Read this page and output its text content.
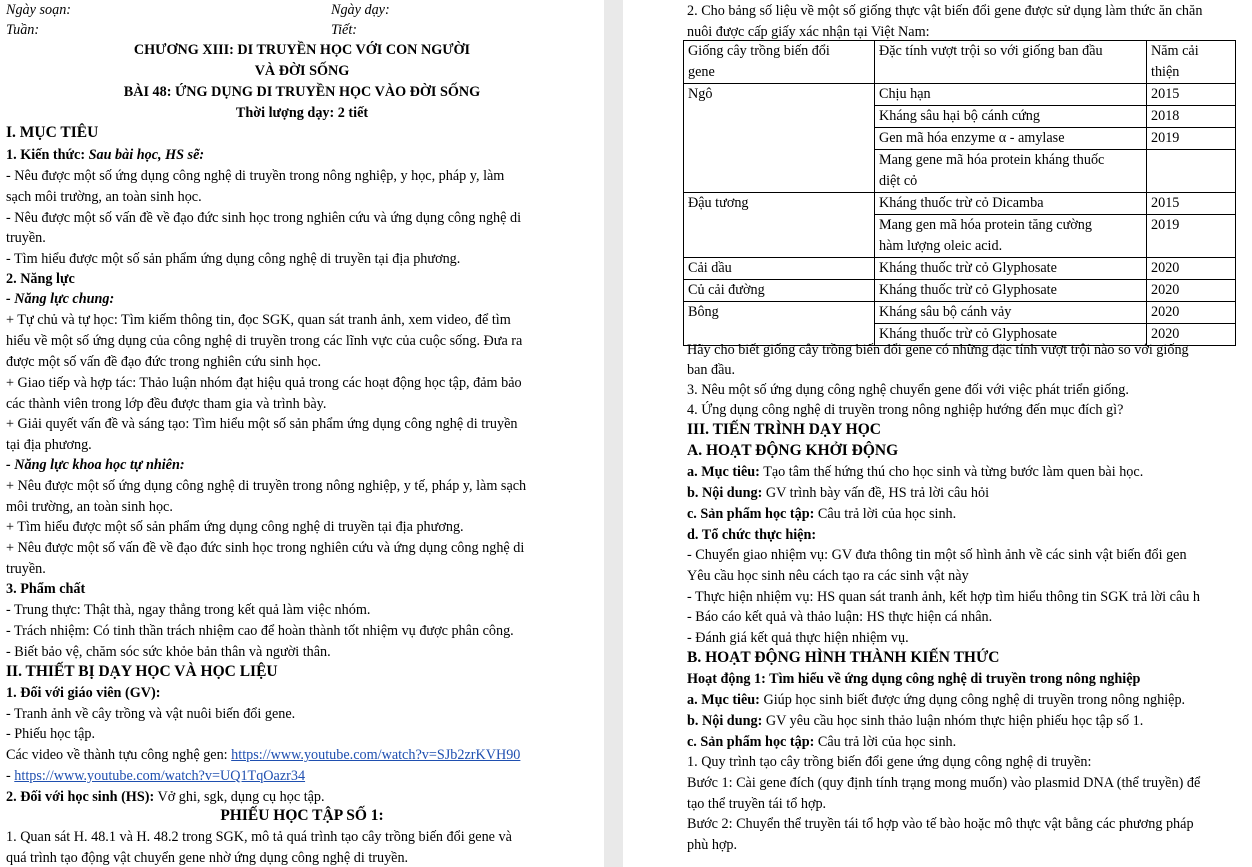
Ngày soạn:	Ngày dạy:
Tuần:	Tiết:
CHƯƠNG XIII: DI TRUYỀN HỌC VỚI CON NGƯỜI
VÀ ĐỜI SỐNG
BÀI 48: ỨNG DỤNG DI TRUYỀN HỌC VÀO ĐỜI SỐNG
Thời lượng dạy: 2 tiết
I. MỤC TIÊU
1. Kiến thức: Sau bài học, HS sẽ:
- Nêu được một số ứng dụng công nghệ di truyền trong nông nghiệp, y học, pháp y, làm
sạch môi trường, an toàn sinh học.
- Nêu được một số vấn đề về đạo đức sinh học trong nghiên cứu và ứng dụng công nghệ di
truyền.
- Tìm hiểu được một số sản phẩm ứng dụng công nghệ di truyền tại địa phương.
2. Năng lực
- Năng lực chung:
+ Tự chủ và tự học: Tìm kiếm thông tin, đọc SGK, quan sát tranh ảnh, xem video, để tìm
hiểu về một số ứng dụng của công nghệ di truyền trong các lĩnh vực của cuộc sống. Đưa ra
được một số vấn đề đạo đức trong nghiên cứu sinh học.
+ Giao tiếp và hợp tác: Thảo luận nhóm đạt hiệu quả trong các hoạt động học tập, đảm bảo
các thành viên trong lớp đều được tham gia và trình bày.
+ Giải quyết vấn đề và sáng tạo: Tìm hiểu một số sản phẩm ứng dụng công nghệ di truyền
tại địa phương.
- Năng lực khoa học tự nhiên:
+ Nêu được một số ứng dụng công nghệ di truyền trong nông nghiệp, y tế, pháp y, làm sạch
môi trường, an toàn sinh học.
+ Tìm hiểu được một số sản phẩm ứng dụng công nghệ di truyền tại địa phương.
+ Nêu được một số vấn đề về đạo đức sinh học trong nghiên cứu và ứng dụng công nghệ di
truyền.
3. Phẩm chất
- Trung thực: Thật thà, ngay thẳng trong kết quả làm việc nhóm.
- Trách nhiệm: Có tinh thần trách nhiệm cao để hoàn thành tốt nhiệm vụ được phân công.
- Biết bảo vệ, chăm sóc sức khỏe bản thân và người thân.
II. THIẾT BỊ DẠY HỌC VÀ HỌC LIỆU
1. Đối với giáo viên (GV):
- Tranh ảnh về cây trồng và vật nuôi biến đổi gene.
- Phiếu học tập.
Các video về thành tựu công nghệ gen: https://www.youtube.com/watch?v=SJb2zrKVH90
- https://www.youtube.com/watch?v=UQ1TqOazr34
2. Đối với học sinh (HS): Vở ghi, sgk, dụng cụ học tập.
PHIẾU HỌC TẬP SỐ 1:
1. Quan sát H. 48.1 và H. 48.2 trong SGK, mô tả quá trình tạo cây trồng biến đổi gene và
quá trình tạo động vật chuyển gene nhờ ứng dụng công nghệ di truyền.
2. Cho bảng số liệu về một số giống thực vật biến đổi gene được sử dụng làm thức ăn chăn
nuôi được cấp giấy xác nhận tại Việt Nam:
Giống cây trồng biến đổi
gene	Đặc tính vượt trội so với giống ban đầu	Năm cải
thiện
Ngô	Chịu hạn	2015
	Kháng sâu hại bộ cánh cứng	2018
	Gen mã hóa enzyme α - amylase	2019
	Mang gene mã hóa protein kháng thuốc
diệt cỏ	
Đậu tương	Kháng thuốc trừ cỏ Dicamba	2015
	Mang gen mã hóa protein tăng cường
hàm lượng oleic acid.	2019
Cải dầu	Kháng thuốc trừ cỏ Glyphosate	2020
Củ cải đường	Kháng thuốc trừ cỏ Glyphosate	2020
Bông	Kháng sâu bộ cánh vảy	2020
	Kháng thuốc trừ cỏ Glyphosate	2020
Hãy cho biết giống cây trồng biến đổi gene có những đặc tính vượt trội nào so với giống
ban đầu.
3. Nêu một số ứng dụng công nghệ chuyển gene đối với việc phát triển giống.
4. Ứng dụng công nghệ di truyền trong nông nghiệp hướng đến mục đích gì?
III. TIẾN TRÌNH DẠY HỌC
A. HOẠT ĐỘNG KHỞI ĐỘNG
a. Mục tiêu: Tạo tâm thế hứng thú cho học sinh và từng bước làm quen bài học.
b. Nội dung: GV trình bày vấn đề, HS trả lời câu hỏi
c. Sản phẩm học tập: Câu trả lời của học sinh.
d. Tổ chức thực hiện:
- Chuyển giao nhiệm vụ: GV đưa thông tin một số hình ảnh về các sinh vật biến đổi gen
Yêu cầu học sinh nêu cách tạo ra các sinh vật này
- Thực hiện nhiệm vụ: HS quan sát tranh ảnh, kết hợp tìm hiểu thông tin SGK trả lời câu h
- Báo cáo kết quả và thảo luận: HS thực hiện cá nhân.
- Đánh giá kết quả thực hiện nhiệm vụ.
B. HOẠT ĐỘNG HÌNH THÀNH KIẾN THỨC
Hoạt động 1: Tìm hiểu về ứng dụng công nghệ di truyền trong nông nghiệp
a. Mục tiêu: Giúp học sinh biết được ứng dụng công nghệ di truyền trong nông nghiệp.
b. Nội dung: GV yêu cầu học sinh thảo luận nhóm thực hiện phiếu học tập số 1.
c. Sản phẩm học tập: Câu trả lời của học sinh.
1. Quy trình tạo cây trồng biến đổi gene ứng dụng công nghệ di truyền:
Bước 1: Cài gene đích (quy định tính trạng mong muốn) vào plasmid DNA (thể truyền) để
tạo thể truyền tái tổ hợp.
Bước 2: Chuyển thể truyền tái tổ hợp vào tế bào hoặc mô thực vật bằng các phương pháp
phù hợp.
